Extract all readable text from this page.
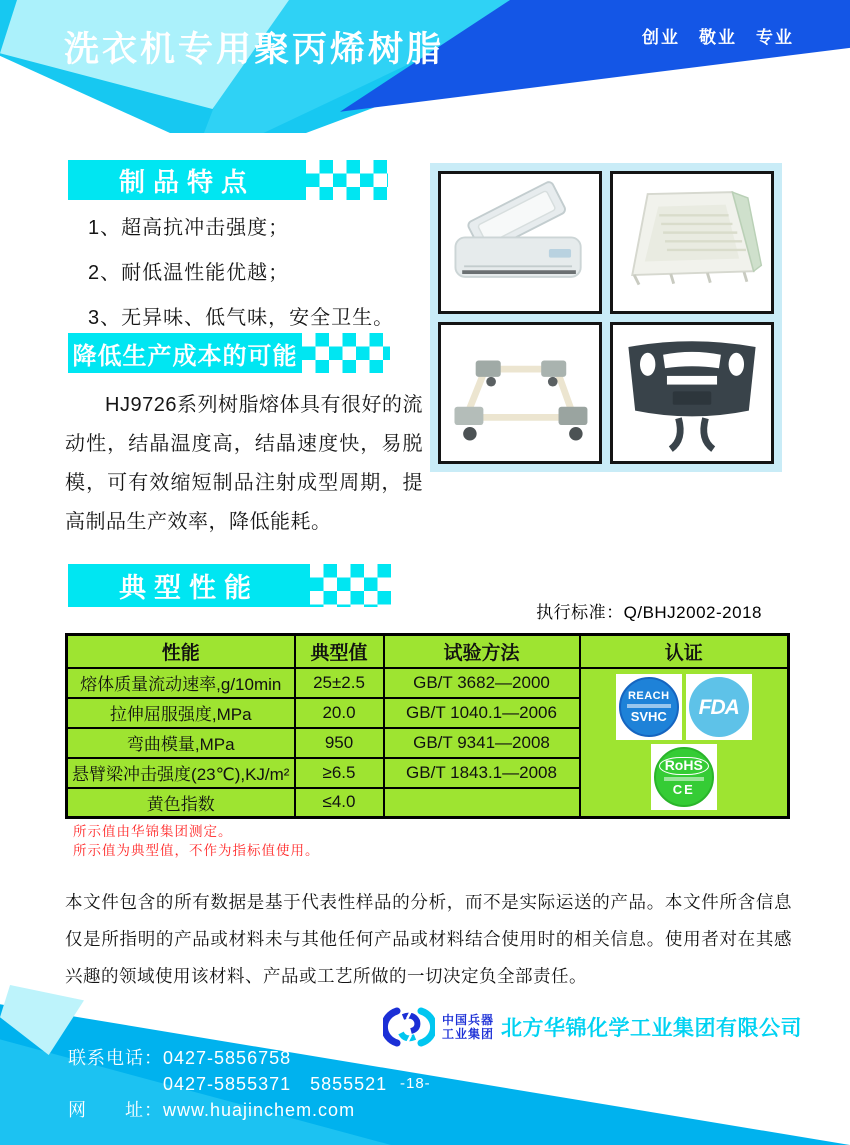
洗衣机专用聚丙烯树脂	创业　敬业　专业
制品特点
1、超高抗冲击强度；
2、耐低温性能优越；
3、无异味、低气味，安全卫生。
降低生产成本的可能

HJ9726系列树脂熔体具有很好的流动性，结晶温度高，结晶速度快，易脱模，可有效缩短制品注射成型周期，提高制品生产效率，降低能耗。

典型性能
执行标准：Q/BHJ2002-2018
性能	典型值	试验方法	认证
熔体质量流动速率,g/10min	25±2.5	GB/T 3682—2000	REACH
SVHC FDA
RoHS
CE

拉伸屈服强度,MPa	20.0	GB/T 1040.1—2006	
弯曲模量,MPa	950	GB/T 9341—2008	
悬臂梁冲击强度(23℃),KJ/m²	≥6.5	GB/T 1843.1—2008	
黄色指数	≤4.0		
所示值由华锦集团测定。
所示值为典型值，不作为指标值使用。

本文件包含的所有数据是基于代表性样品的分析，而不是实际运送的产品。本文件所含信息仅是所指明的产品或材料未与其他任何产品或材料结合使用时的相关信息。使用者对在其感兴趣的领域使用该材料、产品或工艺所做的一切决定负全部责任。

中国兵器
工业集团 北方华锦化学工业集团有限公司
联系电话：0427-5856758
0427-5855371　5855521
网　　址：www.huajinchem.com
-18-
